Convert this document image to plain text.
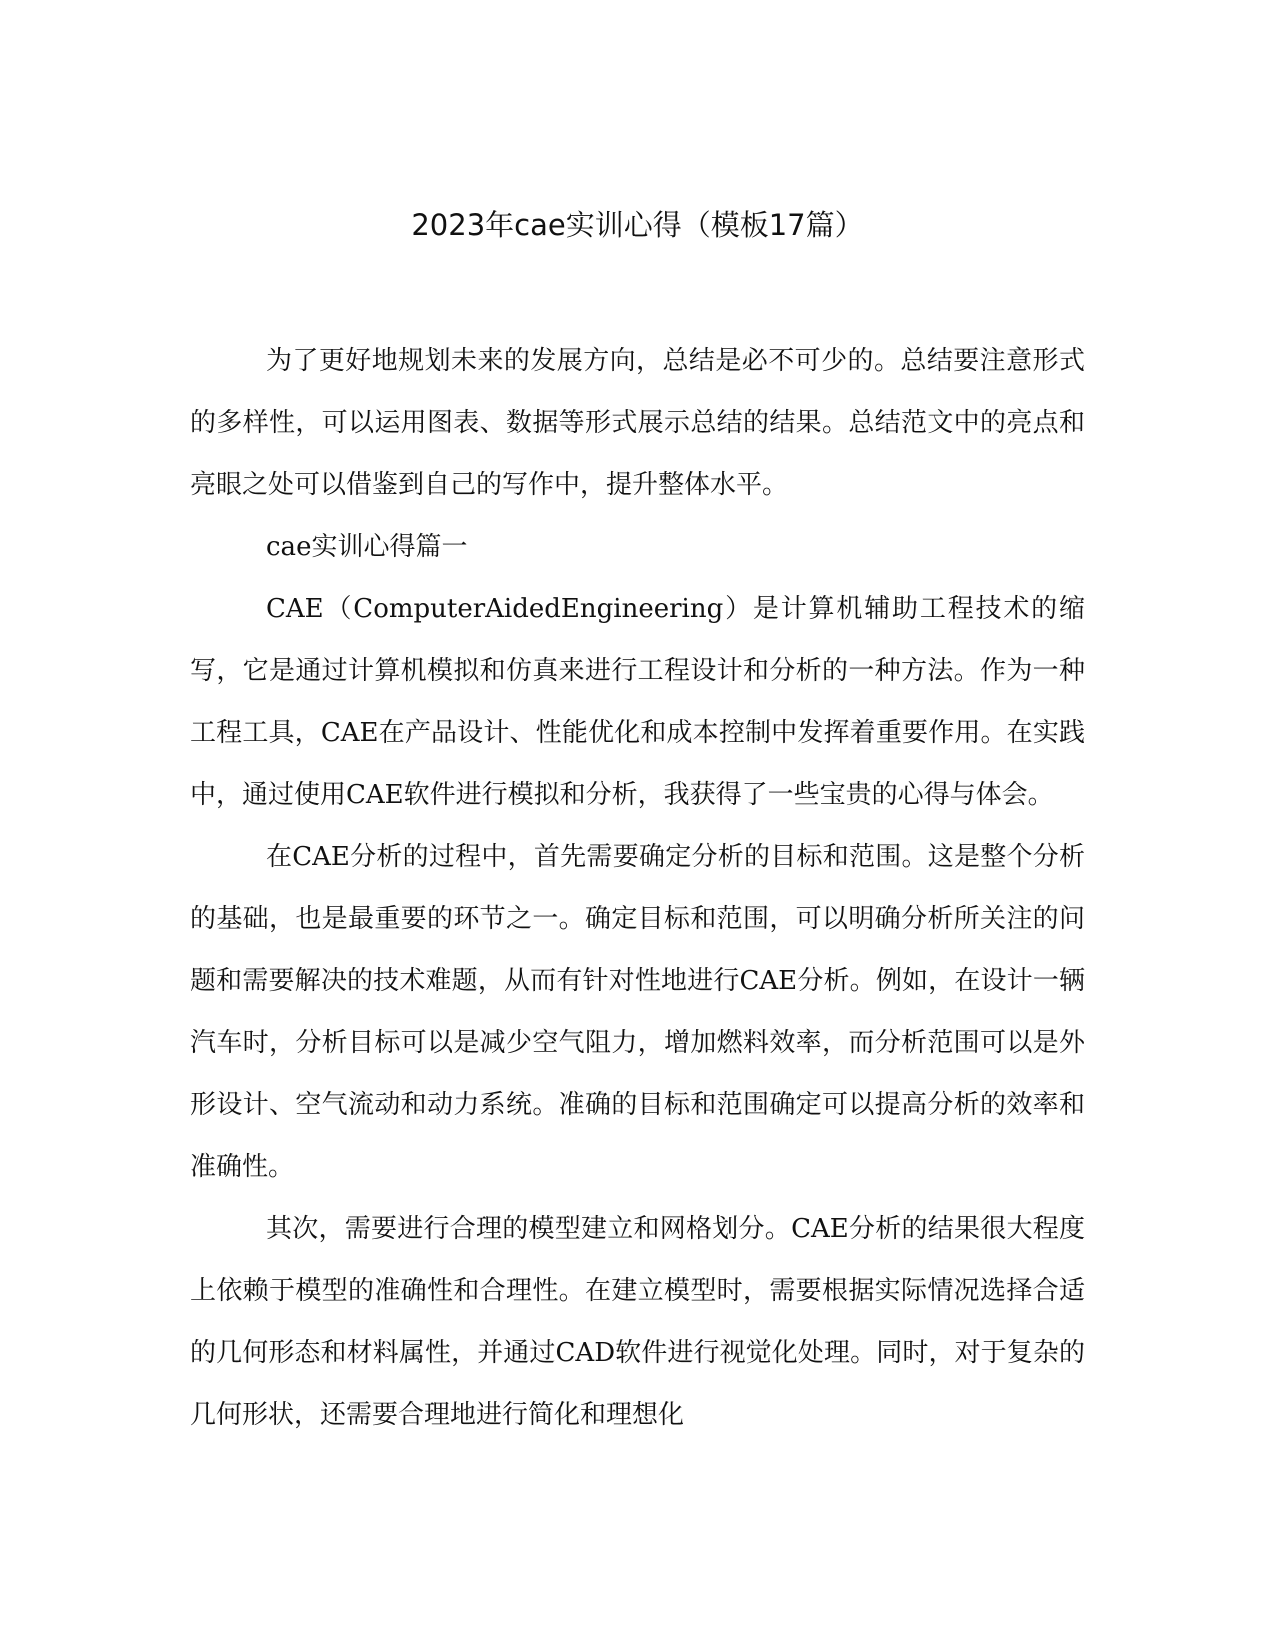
2023年cae实训心得（模板17篇）

为了更好地规划未来的发展方向，总结是必不可少的。总结要注意形式的多样性，可以运用图表、数据等形式展示总结的结果。总结范文中的亮点和亮眼之处可以借鉴到自己的写作中，提升整体水平。

cae实训心得篇一

CAE（ComputerAidedEngineering）是计算机辅助工程技术的缩写，它是通过计算机模拟和仿真来进行工程设计和分析的一种方法。作为一种工程工具，CAE在产品设计、性能优化和成本控制中发挥着重要作用。在实践中，通过使用CAE软件进行模拟和分析，我获得了一些宝贵的心得与体会。

在CAE分析的过程中，首先需要确定分析的目标和范围。这是整个分析的基础，也是最重要的环节之一。确定目标和范围，可以明确分析所关注的问题和需要解决的技术难题，从而有针对性地进行CAE分析。例如，在设计一辆汽车时，分析目标可以是减少空气阻力，增加燃料效率，而分析范围可以是外形设计、空气流动和动力系统。准确的目标和范围确定可以提高分析的效率和准确性。

其次，需要进行合理的模型建立和网格划分。CAE分析的结果很大程度上依赖于模型的准确性和合理性。在建立模型时，需要根据实际情况选择合适的几何形态和材料属性，并通过CAD软件进行视觉化处理。同时，对于复杂的几何形状，还需要合理地进行简化和理想化
